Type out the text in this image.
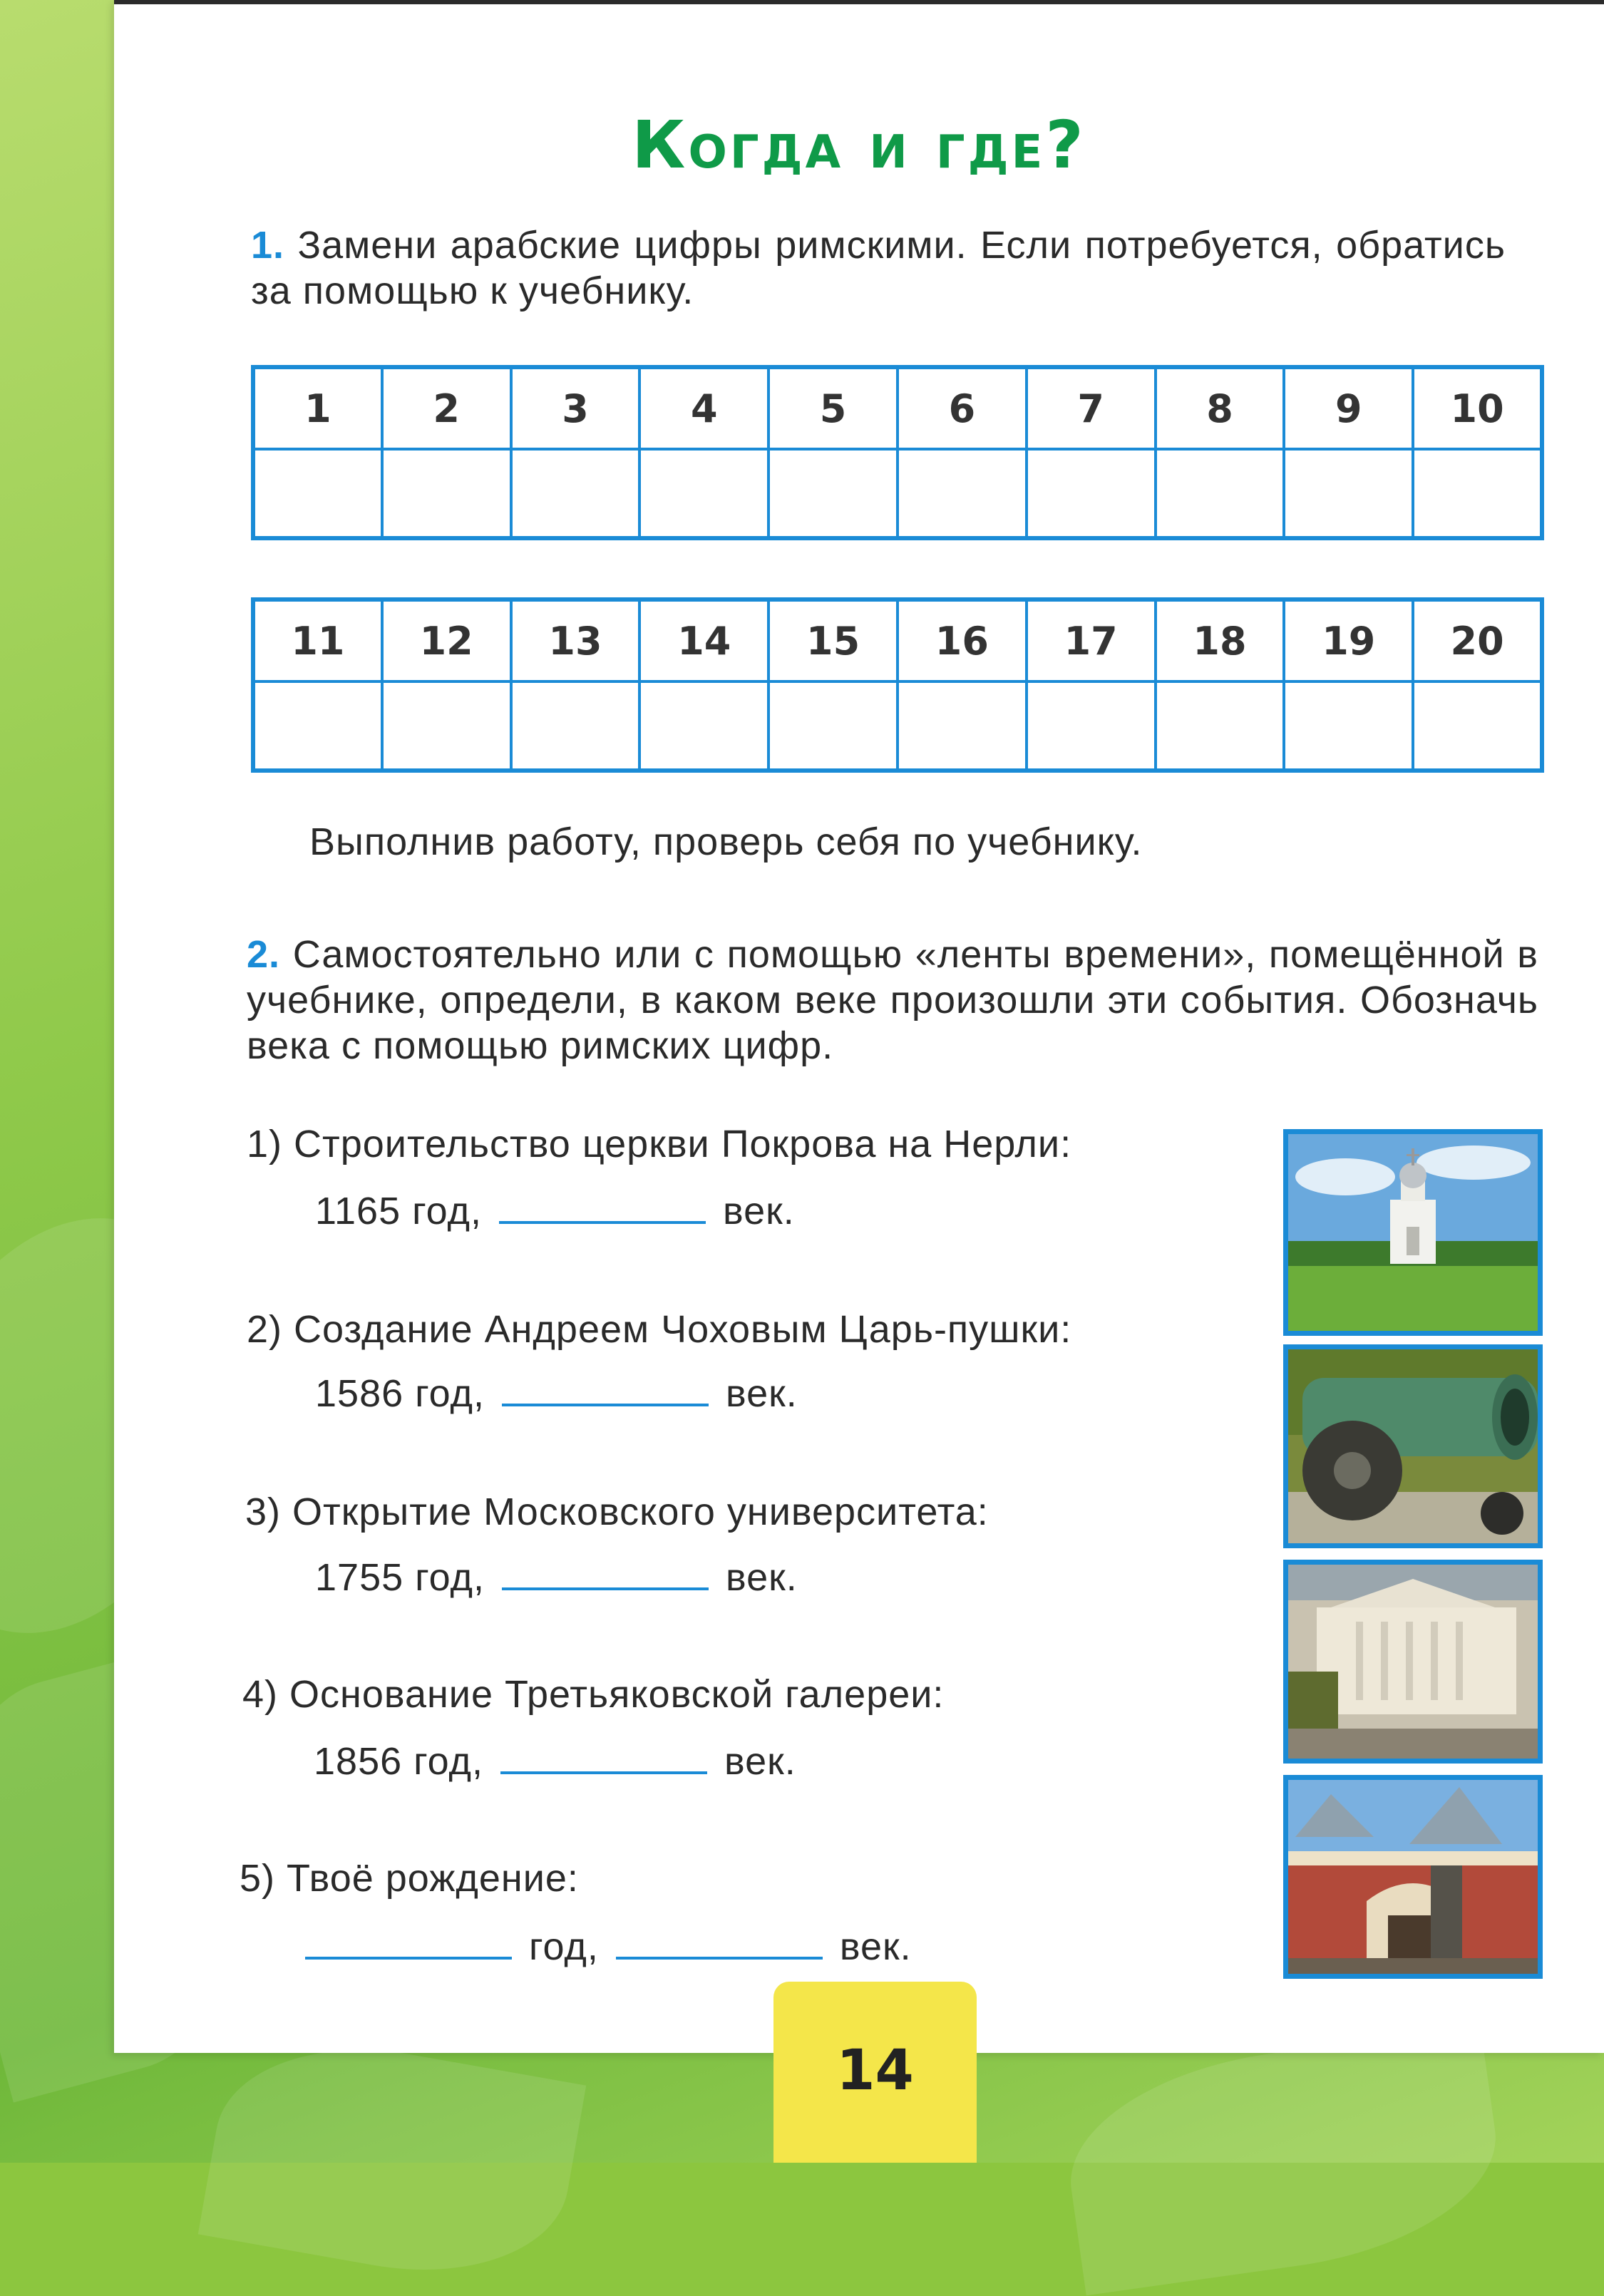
Когда и где?
1. Замени арабские цифры римскими. Если потребуется, обратись за помощью к учебнику.
1	2	3	4	5	6	7	8	9	10

11	12	13	14	15	16	17	18	19	20

Выполнив работу, проверь себя по учебнику.
2. Самостоятельно или с помощью «ленты времени», помещённой в учебнике, определи, в каком веке произошли эти события. Обозначь века с помощью римских цифр.
1) Строительство церкви Покрова на Нерли:
1165 год,	век.
2) Создание Андреем Чоховым Царь-пушки:
1586 год,	век.
3) Открытие Московского университета:
1755 год,	век.
4) Основание Третьяковской галереи:
1856 год,	век.
5) Твоё рождение:
год,	век.
14
